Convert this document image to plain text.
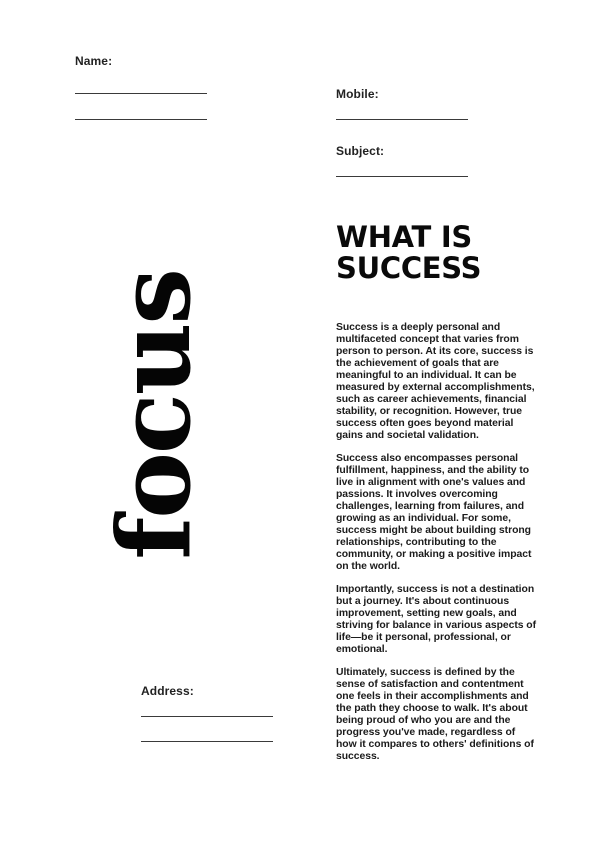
Name:
Mobile:
Subject:
focus
WHAT IS
SUCCESS

Success is a deeply personal and multifaceted concept that varies from person to person. At its core, success is the achievement of goals that are meaningful to an individual. It can be measured by external accomplishments, such as career achievements, financial stability, or recognition. However, true success often goes beyond material gains and societal validation.

Success also encompasses personal fulfillment, happiness, and the ability to live in alignment with one's values and passions. It involves overcoming challenges, learning from failures, and growing as an individual. For some, success might be about building strong relationships, contributing to the community, or making a positive impact on the world.

Importantly, success is not a destination but a journey. It's about continuous improvement, setting new goals, and striving for balance in various aspects of life—be it personal, professional, or emotional.

Ultimately, success is defined by the sense of satisfaction and contentment one feels in their accomplishments and the path they choose to walk. It's about being proud of who you are and the progress you've made, regardless of how it compares to others' definitions of success.

Address:
